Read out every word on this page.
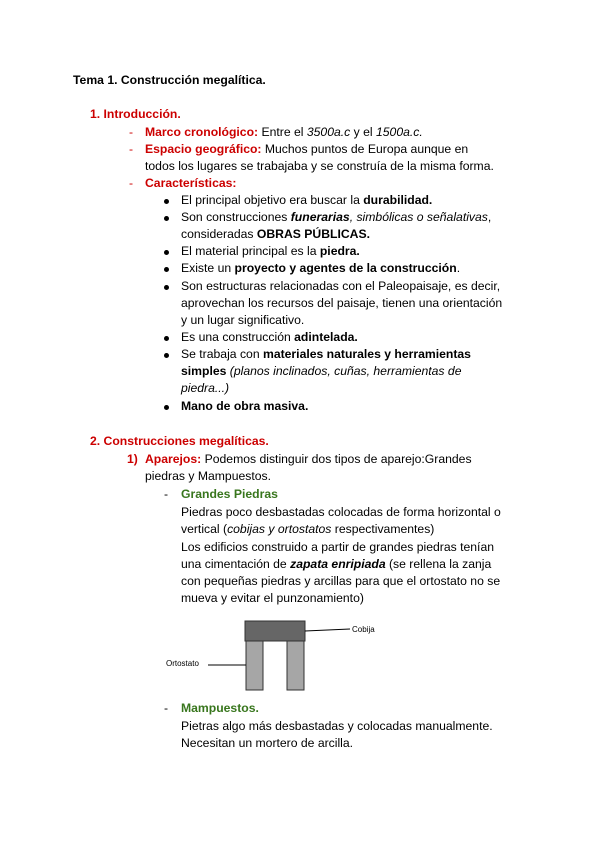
Tema 1. Construcción megalítica.
1. Introducción.
- Marco cronológico: Entre el 3500a.c y el 1500a.c.
- Espacio geográfico: Muchos puntos de Europa aunque en
todos los lugares se trabajaba y se construía de la misma forma.
- Características:
El principal objetivo era buscar la durabilidad.
Son construcciones funerarias, simbólicas o señalativas,
consideradas OBRAS PÚBLICAS.
El material principal es la piedra.
Existe un proyecto y agentes de la construcción.
Son estructuras relacionadas con el Paleopaisaje, es decir,
aprovechan los recursos del paisaje, tienen una orientación
y un lugar significativo.
Es una construcción adintelada.
Se trabaja con materiales naturales y herramientas
simples (planos inclinados, cuñas, herramientas de
piedra...)
Mano de obra masiva.
2. Construcciones megalíticas.
1) Aparejos: Podemos distinguir dos tipos de aparejo:Grandes
piedras y Mampuestos.
- Grandes Piedras
Piedras poco desbastadas colocadas de forma horizontal o
vertical (cobijas y ortostatos respectivamentes)
Los edificios construido a partir de grandes piedras tenían
una cimentación de zapata enripiada (se rellena la zanja
con pequeñas piedras y arcillas para que el ortostato no se
mueva y evitar el punzonamiento)
Cobija
Ortostato
- Mampuestos.
Pietras algo más desbastadas y colocadas manualmente.
Necesitan un mortero de arcilla.
